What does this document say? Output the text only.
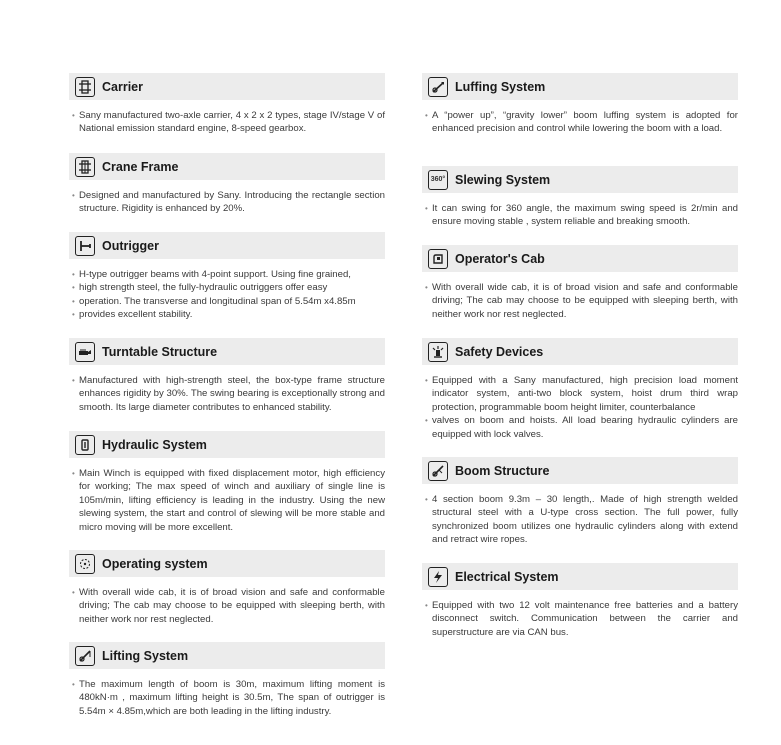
Carrier

• Sany manufactured two-axle carrier, 4 x 2 x 2 types, stage IV/stage V of National emission standard engine, 8-speed gearbox.

Crane Frame

• Designed and manufactured by Sany. Introducing the rectangle section structure. Rigidity is enhanced by 20%.

Outrigger

• H-type outrigger beams with 4-point support. Using fine grained,

• high strength steel, the fully-hydraulic outriggers offer easy

• operation. The transverse and longitudinal span of 5.54m x4.85m

• provides excellent stability.

Turntable Structure

• Manufactured with high-strength steel, the box-type frame structure enhances rigidity by 30%. The swing bearing is exceptionally strong and smooth. Its large diameter contributes to enhanced stability.

Hydraulic System

• Main Winch is equipped with fixed displacement motor, high efficiency for working; The max speed of winch and auxiliary of single line is 105m/min, lifting efficiency is leading in the industry. Using the new slewing system, the start and control of slewing will be more stable and micro moving will be more excellent.

Operating system

• With overall wide cab, it is of broad vision and safe and conformable driving; The cab may choose to be equipped with sleeping berth, with neither work nor rest neglected.

Lifting System

• The maximum length of boom is 30m, maximum lifting moment is 480kN·m , maximum lifting height is 30.5m, The span of outrigger is 5.54m × 4.85m,which are both leading in the lifting industry.

Luffing System

• A “power up”, “gravity lower” boom luffing system is adopted for enhanced precision and control while lowering the boom with a load.

360° Slewing System

• It can swing for 360 angle, the maximum swing speed is 2r/min and ensure moving stable , system reliable and breaking smooth.

Operator's Cab

• With overall wide cab, it is of broad vision and safe and conformable driving; The cab may choose to be equipped with sleeping berth, with neither work nor rest neglected.

Safety Devices

• Equipped with a Sany manufactured, high precision load moment indicator system, anti-two block system, hoist drum third wrap protection, programmable boom height limiter, counterbalance

• valves on boom and hoists. All load bearing hydraulic cylinders are equipped with lock valves.

Boom Structure

• 4 section boom 9.3m – 30 length,. Made of high strength welded structural steel with a U-type cross section. The full power, fully synchronized boom utilizes one hydraulic cylinders along with extend and retract wire ropes.

Electrical System

• Equipped with two 12 volt maintenance free batteries and a battery disconnect switch. Communication between the carrier and superstructure are via CAN bus.
